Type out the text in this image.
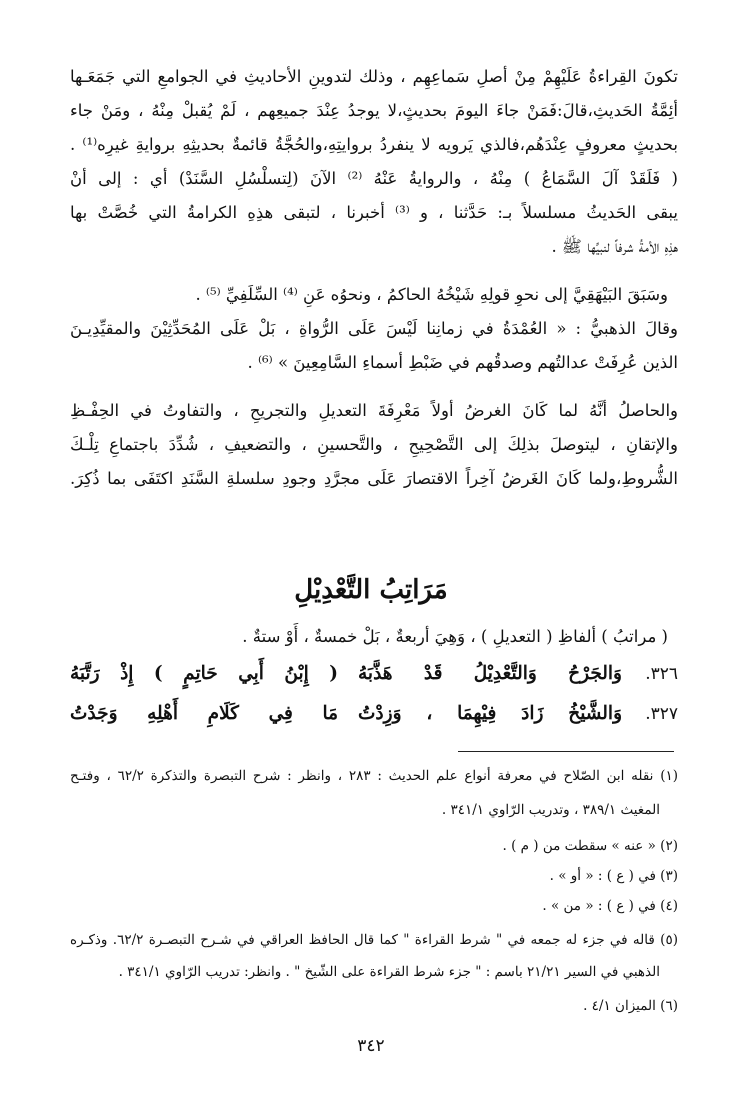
تكونَ القِراءةُ عَلَيْهِمْ مِنْ أصلِ سَماعِهِم ، وذلك لتدوينِ الأحاديثِ في الجوامعِ التي جَمَعَـها
أئِمَّةُ الحَديثِ،قالَ:فَمَنْ جاءَ اليومَ بحديثٍ،لا يوجدُ عِنْدَ جميعِهم ، لَمْ يُقبلْ مِنْهُ ، ومَنْ جاء
بحديثٍ معروفٍ عِنْدَهُم،فالذي يَرويه لا ينفردُ بروايتِهِ،والحُجَّةُ قائمةٌ بحديثِهِ بروايةِ غيرِه⁽¹⁾ .
( فَلَقَدْ آلَ السَّمَاعُ ) مِنْهُ ، والروايةُ عَنْهُ ⁽²⁾ الآنَ (لِتسلْسُلِ السَّنَدْ) أي : إلى أنْ
يبقى الحَديثُ مسلسلاً بـ: حَدَّثنا ، و ⁽³⁾ أخبرنا ، لتبقى هذِهِ الكرامةُ التي خُصَّتْ بها
هذِهِ الأمةُ شرفاً لنبيِّها ﷺ .
وسَبَقَ البَيْهَقِيَّ إلى نحوِ قولِهِ شَيْخُهُ الحاكمُ ، ونحوُه عَنِ ⁽⁴⁾ السِّلَفِيِّ ⁽⁵⁾ .
وقالَ الذهبيُّ : « العُمْدَةُ في زمانِنا لَيْسَ عَلَى الرُّواةِ ، بَلْ عَلَى المُحَدِّثِيْنَ والمقيِّدِيـنَ
الذين عُرِفَتْ عدالتُهم وصدقُهم في ضَبْطِ أسماءِ السَّامِعِينَ » ⁽⁶⁾ .
والحاصلُ أنَّهُ لما كَانَ الغرضُ أولاً مَعْرِفَةَ التعديلِ والتجريحِ ، والتفاوتُ في الحِفْـظِ
والإتقانِ ، ليتوصلَ بذلِكَ إلى التَّصْحِيحِ ، والتَّحسينِ ، والتضعيفِ ، شُدِّدَ باجتماعِ تِلْـكَ
الشُّروطِ،ولما كَانَ الغَرضُ آخِراً الاقتصارَ عَلَى مجرَّدِ وجودِ سلسلةِ السَّنَدِ اكتَفَى بما ذُكِرَ.
مَرَاتِبُ التَّعْدِيْلِ
( مراتبُ ) ألفاظِ ( التعديلِ ) ، وَهِيَ أربعةٌ ، بَلْ خمسةٌ ، أَوْ ستةٌ .
٣٢٦.وَالجَرْحُ وَالتَّعْدِيْلُ قَدْ هَذَّبَهُ( إِبْنُ أَبِي حَاتِمٍ ) إِذْ رَتَّبَهُ
٣٢٧.وَالشَّيْخُ زَادَ فِيْهِمَا ، وَزِدْتُمَا فِي كَلَامِ أَهْلِهِ وَجَدْتُ
(١) نقله ابن الصّلاح في معرفة أنواع علم الحديث : ٢٨٣ ، وانظر : شرح التبصرة والتذكرة ٦٢/٢ ، وفتـح
المغيث ٣٨٩/١ ، وتدريب الرّاوي ٣٤١/١ .
(٢) « عنه » سقطت من ( م ) .
(٣) في ( ع ) : « أو » .
(٤) في ( ع ) : « من » .
(٥) قاله في جزء له جمعه في " شرط القراءة " كما قال الحافظ العراقي في شـرح التبصـرة ٦٢/٢. وذكـره
الذهبي في السير ٢١/٢١ باسم : " جزء شرط القراءة على الشّيخ " . وانظر: تدريب الرّاوي ٣٤١/١ .
(٦) الميزان ٤/١ .
٣٤٢
